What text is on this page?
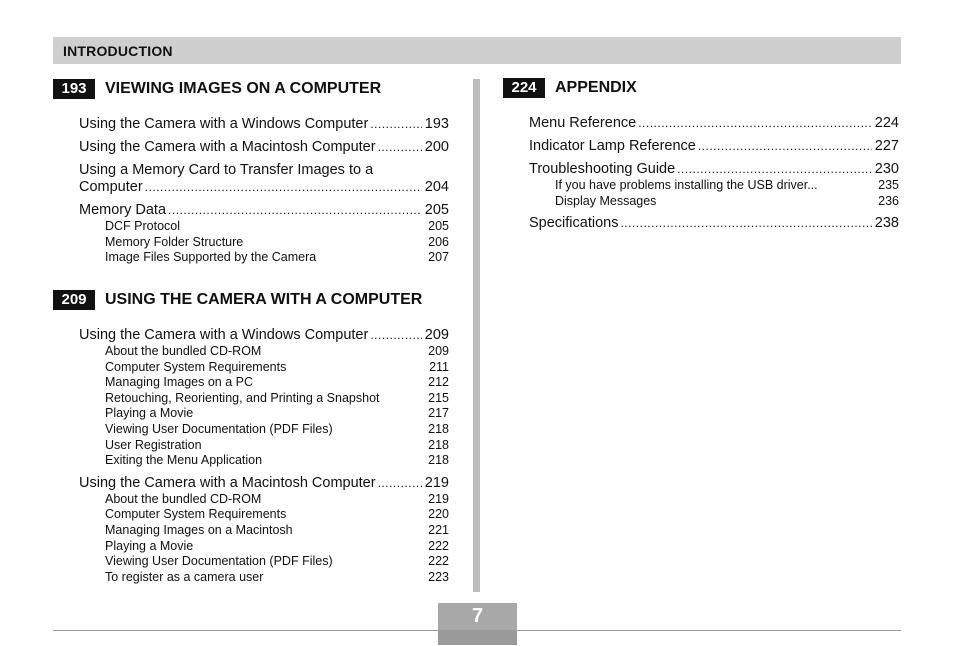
INTRODUCTION
193	VIEWING IMAGES ON A COMPUTER
Using the Camera with a Windows Computer .....	193
Using the Camera with a Macintosh Computer .....	200
Using a Memory Card to Transfer Images to a
Computer .....	204
Memory Data .....	205
DCF Protocol	205
Memory Folder Structure	206
Image Files Supported by the Camera	207
209	USING THE CAMERA WITH A COMPUTER
Using the Camera with a Windows Computer .....	209
About the bundled CD-ROM	209
Computer System Requirements	211
Managing Images on a PC	212
Retouching, Reorienting, and Printing a Snapshot	215
Playing a Movie	217
Viewing User Documentation (PDF Files)	218
User Registration	218
Exiting the Menu Application	218
Using the Camera with a Macintosh Computer .....	219
About the bundled CD-ROM	219
Computer System Requirements	220
Managing Images on a Macintosh	221
Playing a Movie	222
Viewing User Documentation (PDF Files)	222
To register as a camera user	223
224	APPENDIX
Menu Reference .....	224
Indicator Lamp Reference .....	227
Troubleshooting Guide .....	230
If you have problems installing the USB driver...	235
Display Messages	236
Specifications .....	238
7
